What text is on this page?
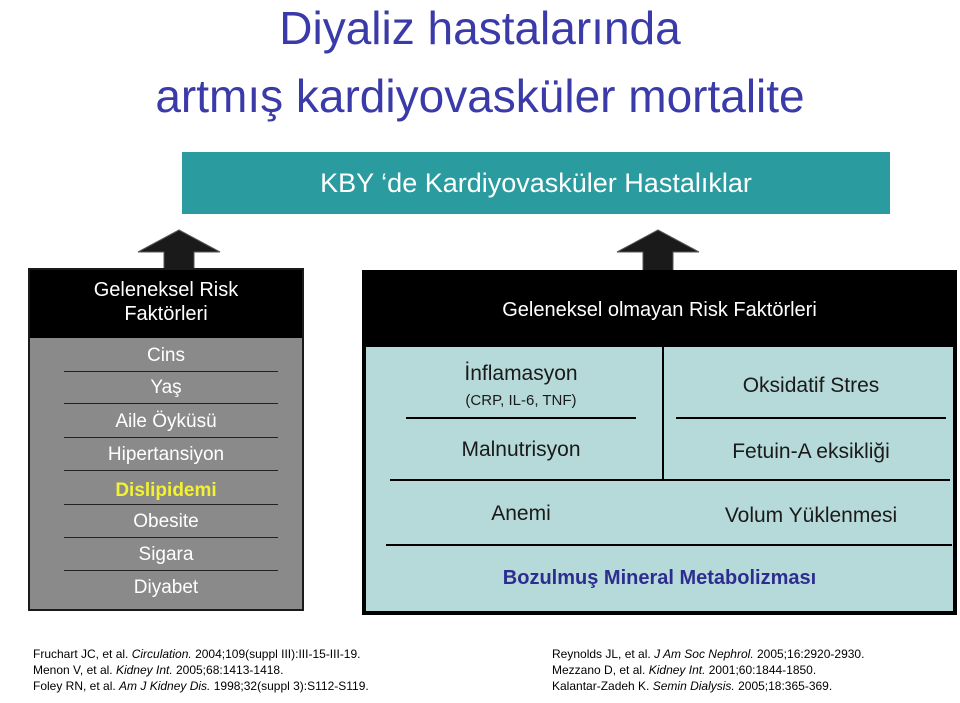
Diyaliz hastalarında
artmış kardiyovasküler mortalite
KBY ‘de Kardiyovasküler Hastalıklar
Geleneksel Risk
Faktörleri
Cins
Yaş
Aile Öyküsü
Hipertansiyon
Dislipidemi
Obesite
Sigara
Diyabet
Geleneksel olmayan Risk Faktörleri
İnflamasyon
(CRP, IL-6, TNF)
Malnutrisyon
Anemi
Oksidatif Stres
Fetuin-A eksikliği
Volum Yüklenmesi
Bozulmuş Mineral Metabolizması
Fruchart JC, et al. Circulation. 2004;109(suppl III):III-15-III-19.
Menon V, et al. Kidney Int. 2005;68:1413-1418.
Foley RN, et al. Am J Kidney Dis. 1998;32(suppl 3):S112-S119.
Reynolds JL, et al. J Am Soc Nephrol. 2005;16:2920-2930.
Mezzano D, et al. Kidney Int. 2001;60:1844-1850.
Kalantar-Zadeh K. Semin Dialysis. 2005;18:365-369.
